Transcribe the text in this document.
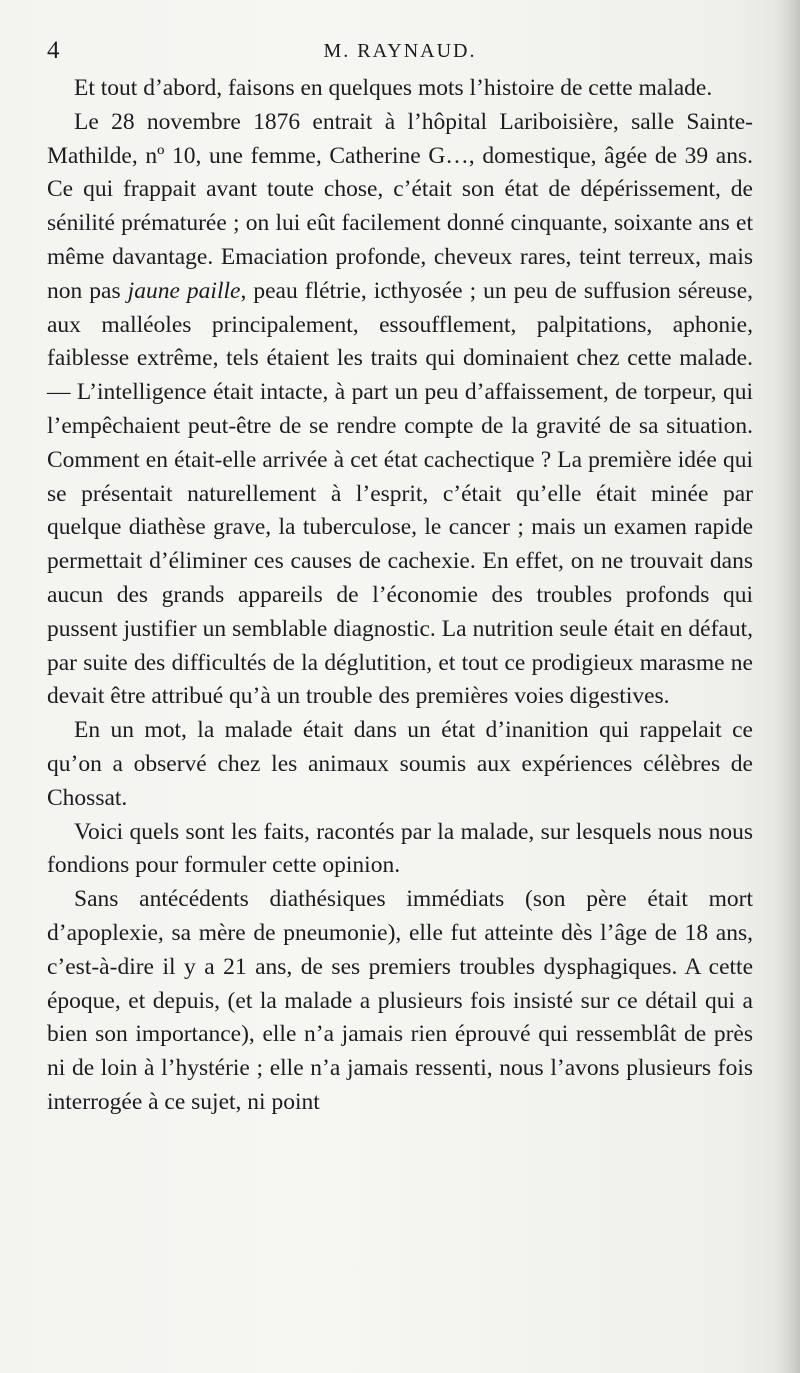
4	M. RAYNAUD.

Et tout d’abord, faisons en quelques mots l’histoire de cette malade.

Le 28 novembre 1876 entrait à l’hôpital Lariboisière, salle Sainte-Mathilde, nº 10, une femme, Catherine G…, domestique, âgée de 39 ans. Ce qui frappait avant toute chose, c’était son état de dépérissement, de sénilité prématurée ; on lui eût facilement donné cinquante, soixante ans et même davantage. Emaciation profonde, cheveux rares, teint terreux, mais non pas jaune paille, peau flétrie, icthyosée ; un peu de suffusion séreuse, aux malléoles principalement, essoufflement, palpitations, aphonie, faiblesse extrême, tels étaient les traits qui dominaient chez cette malade. — L’intelligence était intacte, à part un peu d’affaissement, de torpeur, qui l’empêchaient peut-être de se rendre compte de la gravité de sa situation. Comment en était-elle arrivée à cet état cachectique ? La première idée qui se présentait naturellement à l’esprit, c’était qu’elle était minée par quelque diathèse grave, la tuberculose, le cancer ; mais un examen rapide permettait d’éliminer ces causes de cachexie. En effet, on ne trouvait dans aucun des grands appareils de l’économie des troubles profonds qui pussent justifier un semblable diagnostic. La nutrition seule était en défaut, par suite des difficultés de la déglutition, et tout ce prodigieux marasme ne devait être attribué qu’à un trouble des premières voies digestives.

En un mot, la malade était dans un état d’inanition qui rappelait ce qu’on a observé chez les animaux soumis aux expériences célèbres de Chossat.

Voici quels sont les faits, racontés par la malade, sur lesquels nous nous fondions pour formuler cette opinion.

Sans antécédents diathésiques immédiats (son père était mort d’apoplexie, sa mère de pneumonie), elle fut atteinte dès l’âge de 18 ans, c’est-à-dire il y a 21 ans, de ses premiers troubles dysphagiques. A cette époque, et depuis, (et la malade a plusieurs fois insisté sur ce détail qui a bien son importance), elle n’a jamais rien éprouvé qui ressemblât de près ni de loin à l’hystérie ; elle n’a jamais ressenti, nous l’avons plusieurs fois interrogée à ce sujet, ni point
